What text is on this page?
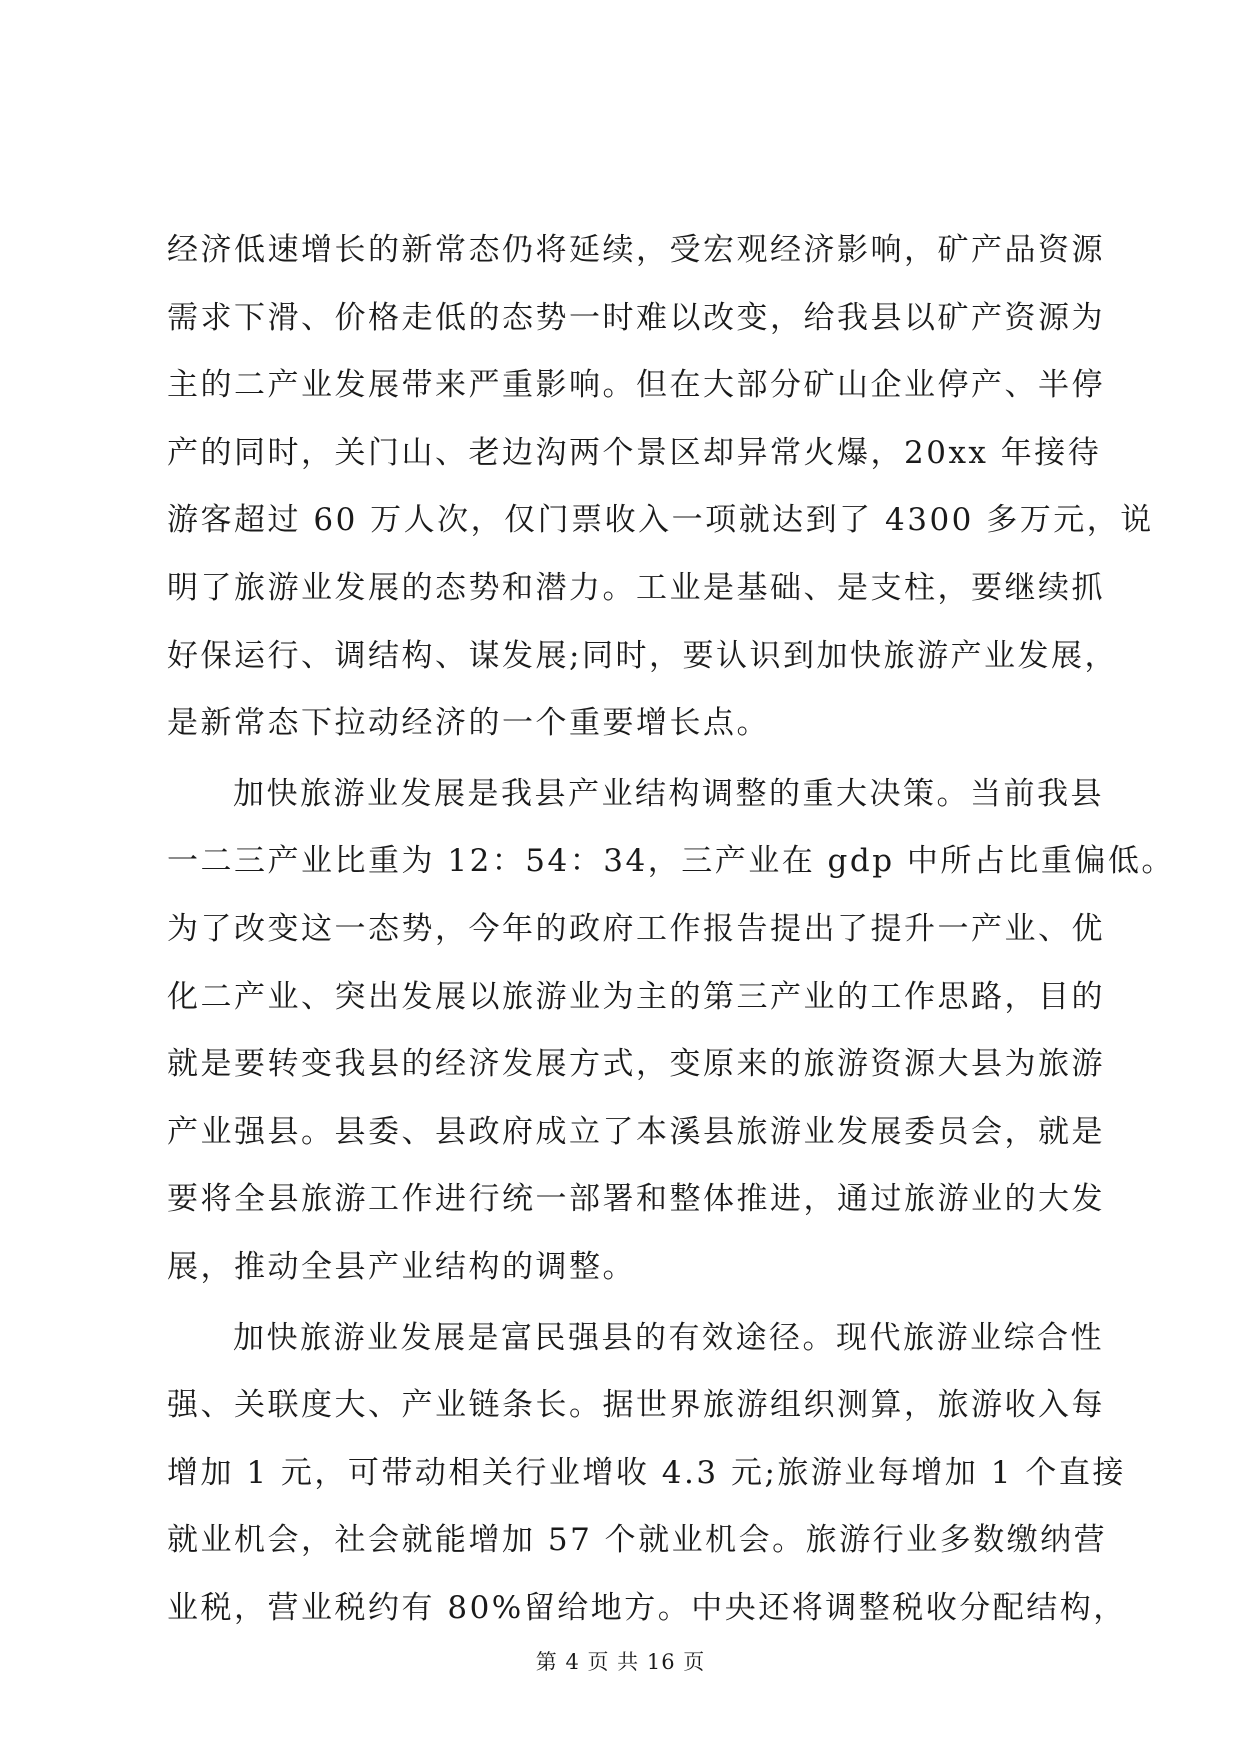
经济低速增长的新常态仍将延续，受宏观经济影响，矿产品资源
需求下滑、价格走低的态势一时难以改变，给我县以矿产资源为
主的二产业发展带来严重影响。但在大部分矿山企业停产、半停
产的同时，关门山、老边沟两个景区却异常火爆，20xx 年接待
游客超过 60 万人次，仅门票收入一项就达到了 4300 多万元，说
明了旅游业发展的态势和潜力。工业是基础、是支柱，要继续抓
好保运行、调结构、谋发展;同时，要认识到加快旅游产业发展，
是新常态下拉动经济的一个重要增长点。
加快旅游业发展是我县产业结构调整的重大决策。当前我县
一二三产业比重为 12：54：34，三产业在 gdp 中所占比重偏低。
为了改变这一态势，今年的政府工作报告提出了提升一产业、优
化二产业、突出发展以旅游业为主的第三产业的工作思路，目的
就是要转变我县的经济发展方式，变原来的旅游资源大县为旅游
产业强县。县委、县政府成立了本溪县旅游业发展委员会，就是
要将全县旅游工作进行统一部署和整体推进，通过旅游业的大发
展，推动全县产业结构的调整。
加快旅游业发展是富民强县的有效途径。现代旅游业综合性
强、关联度大、产业链条长。据世界旅游组织测算，旅游收入每
增加 1 元，可带动相关行业增收 4.3 元;旅游业每增加 1 个直接
就业机会，社会就能增加 57 个就业机会。旅游行业多数缴纳营
业税，营业税约有 80%留给地方。中央还将调整税收分配结构，
第 4 页 共 16 页
